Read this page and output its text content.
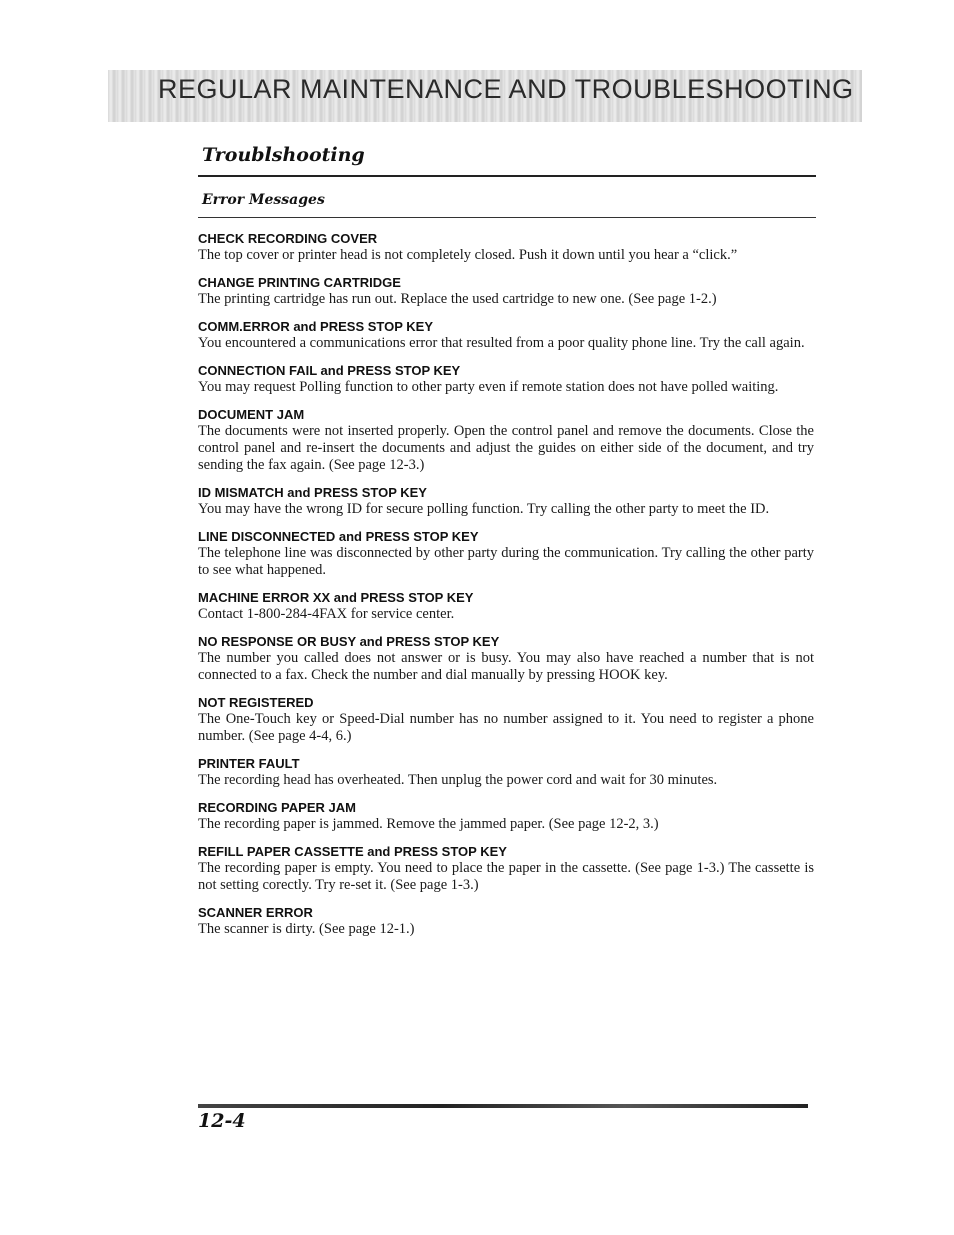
REGULAR MAINTENANCE AND TROUBLESHOOTING
Troublshooting
Error Messages

CHECK RECORDING COVER

The top cover or printer head is not completely closed. Push it down until you hear a “click.”

CHANGE PRINTING CARTRIDGE

The printing cartridge has run out. Replace the used cartridge to new one. (See page 1-2.)

COMM.ERROR and PRESS STOP KEY

You encountered a communications error that resulted from a poor quality phone line. Try the call again.

CONNECTION FAIL and PRESS STOP KEY

You may request Polling function to other party even if remote station does not have polled waiting.

DOCUMENT JAM

The documents were not inserted properly. Open the control panel and remove the documents. Close the control panel and re-insert the documents and adjust the guides on either side of the document, and try sending the fax again. (See page 12-3.)

ID MISMATCH and PRESS STOP KEY

You may have the wrong ID for secure polling function. Try calling the other party to meet the ID.

LINE DISCONNECTED and PRESS STOP KEY

The telephone line was disconnected by other party during the communication. Try calling the other party to see what happened.

MACHINE ERROR XX and PRESS STOP KEY

Contact 1-800-284-4FAX for service center.

NO RESPONSE OR BUSY and PRESS STOP KEY

The number you called does not answer or is busy. You may also have reached a number that is not connected to a fax. Check the number and dial manually by pressing HOOK key.

NOT REGISTERED

The One-Touch key or Speed-Dial number has no number assigned to it. You need to register a phone number. (See page 4-4, 6.)

PRINTER FAULT

The recording head has overheated. Then unplug the power cord and wait for 30 minutes.

RECORDING PAPER JAM

The recording paper is jammed. Remove the jammed paper. (See page 12-2, 3.)

REFILL PAPER CASSETTE and PRESS STOP KEY

The recording paper is empty. You need to place the paper in the cassette. (See page 1-3.) The cassette is not setting corectly. Try re-set it. (See page 1-3.)

SCANNER ERROR

The scanner is dirty. (See page 12-1.)

12-4
